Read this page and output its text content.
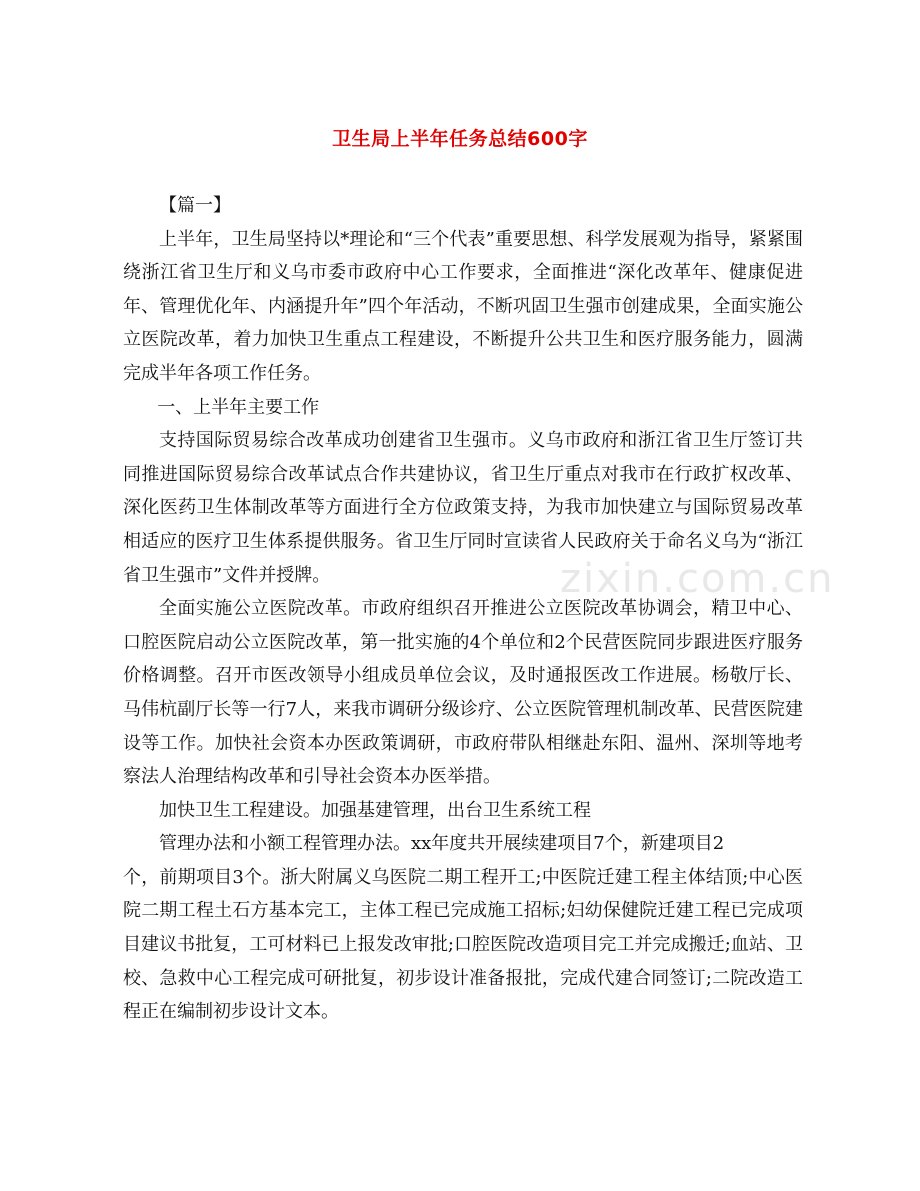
卫生局上半年任务总结600字
zixin.com.cn

【篇一】

上半年，卫生局坚持以*理论和“三个代表”重要思想、科学发展观为指导，紧紧围绕浙江省卫生厅和义乌市委市政府中心工作要求，全面推进“深化改革年、健康促进年、管理优化年、内涵提升年”四个年活动，不断巩固卫生强市创建成果，全面实施公立医院改革，着力加快卫生重点工程建设，不断提升公共卫生和医疗服务能力，圆满完成半年各项工作任务。

一、上半年主要工作

支持国际贸易综合改革成功创建省卫生强市。义乌市政府和浙江省卫生厅签订共同推进国际贸易综合改革试点合作共建协议，省卫生厅重点对我市在行政扩权改革、深化医药卫生体制改革等方面进行全方位政策支持，为我市加快建立与国际贸易改革相适应的医疗卫生体系提供服务。省卫生厅同时宣读省人民政府关于命名义乌为“浙江省卫生强市”文件并授牌。

全面实施公立医院改革。市政府组织召开推进公立医院改革协调会，精卫中心、口腔医院启动公立医院改革，第一批实施的4个单位和2个民营医院同步跟进医疗服务价格调整。召开市医改领导小组成员单位会议，及时通报医改工作进展。杨敬厅长、马伟杭副厅长等一行7人，来我市调研分级诊疗、公立医院管理机制改革、民营医院建设等工作。加快社会资本办医政策调研，市政府带队相继赴东阳、温州、深圳等地考察法人治理结构改革和引导社会资本办医举措。

加快卫生工程建设。加强基建管理，出台卫生系统工程

管理办法和小额工程管理办法。xx年度共开展续建项目7个，新建项目2

个，前期项目3个。浙大附属义乌医院二期工程开工;中医院迁建工程主体结顶;中心医院二期工程土石方基本完工，主体工程已完成施工招标;妇幼保健院迁建工程已完成项目建议书批复，工可材料已上报发改审批;口腔医院改造项目完工并完成搬迁;血站、卫校、急救中心工程完成可研批复，初步设计准备报批，完成代建合同签订;二院改造工程正在编制初步设计文本。
